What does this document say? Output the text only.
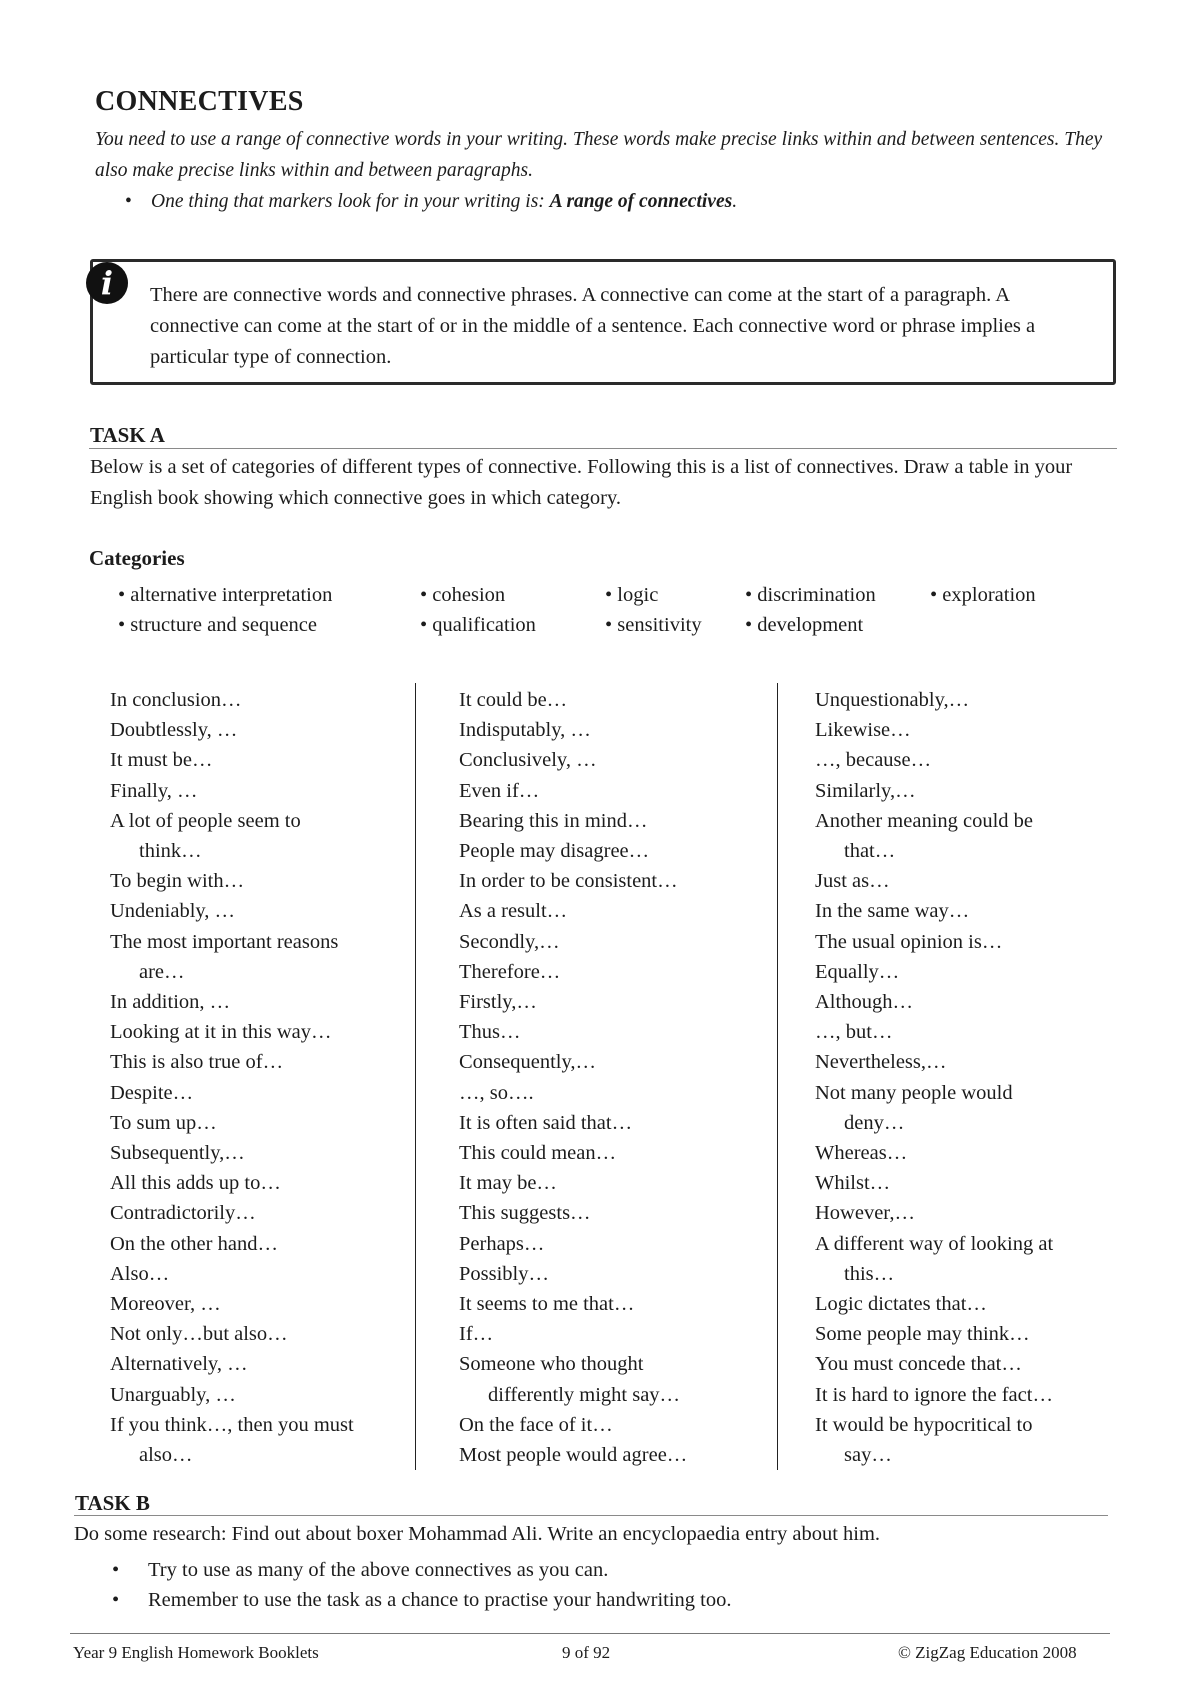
CONNECTIVES

You need to use a range of connective words in your writing. These words make precise links within and between sentences. They also make precise links within and between paragraphs.

• One thing that markers look for in your writing is: A range of connectives.
i	There are connective words and connective phrases. A connective can come at the start of a paragraph. A connective can come at the start of or in the middle of a sentence. Each connective word or phrase implies a particular type of connection.

TASK A

Below is a set of categories of different types of connective. Following this is a list of connectives. Draw a table in your English book showing which connective goes in which category.

Categories
• alternative interpretation	• cohesion	• logic	• discrimination	• exploration
• structure and sequence	• qualification	• sensitivity • development
In conclusion…
Doubtlessly, …
It must be…
Finally, …
A lot of people seem to
think…
To begin with…
Undeniably, …
The most important reasons
are…
In addition, …
Looking at it in this way…
This is also true of…
Despite…
To sum up…
Subsequently,…
All this adds up to…
Contradictorily…
On the other hand…
Also…
Moreover, …
Not only…but also…
Alternatively, …
Unarguably, …
If you think…, then you must
also…
It could be…
Indisputably, …
Conclusively, …
Even if…
Bearing this in mind…
People may disagree…
In order to be consistent…
As a result…
Secondly,…
Therefore…
Firstly,…
Thus…
Consequently,…
…, so….
It is often said that…
This could mean…
It may be…
This suggests…
Perhaps…
Possibly…
It seems to me that…
If…
Someone who thought
differently might say…
On the face of it…
Most people would agree…
Unquestionably,…
Likewise…
…, because…
Similarly,…
Another meaning could be
that…
Just as…
In the same way…
The usual opinion is…
Equally…
Although…
…, but…
Nevertheless,…
Not many people would
deny…
Whereas…
Whilst…
However,…
A different way of looking at
this…
Logic dictates that…
Some people may think…
You must concede that…
It is hard to ignore the fact…
It would be hypocritical to
say…
TASK B

Do some research: Find out about boxer Mohammad Ali. Write an encyclopaedia entry about him.

• Try to use as many of the above connectives as you can.
• Remember to use the task as a chance to practise your handwriting too.
Year 9 English Homework Booklets	9 of 92	© ZigZag Education 2008
